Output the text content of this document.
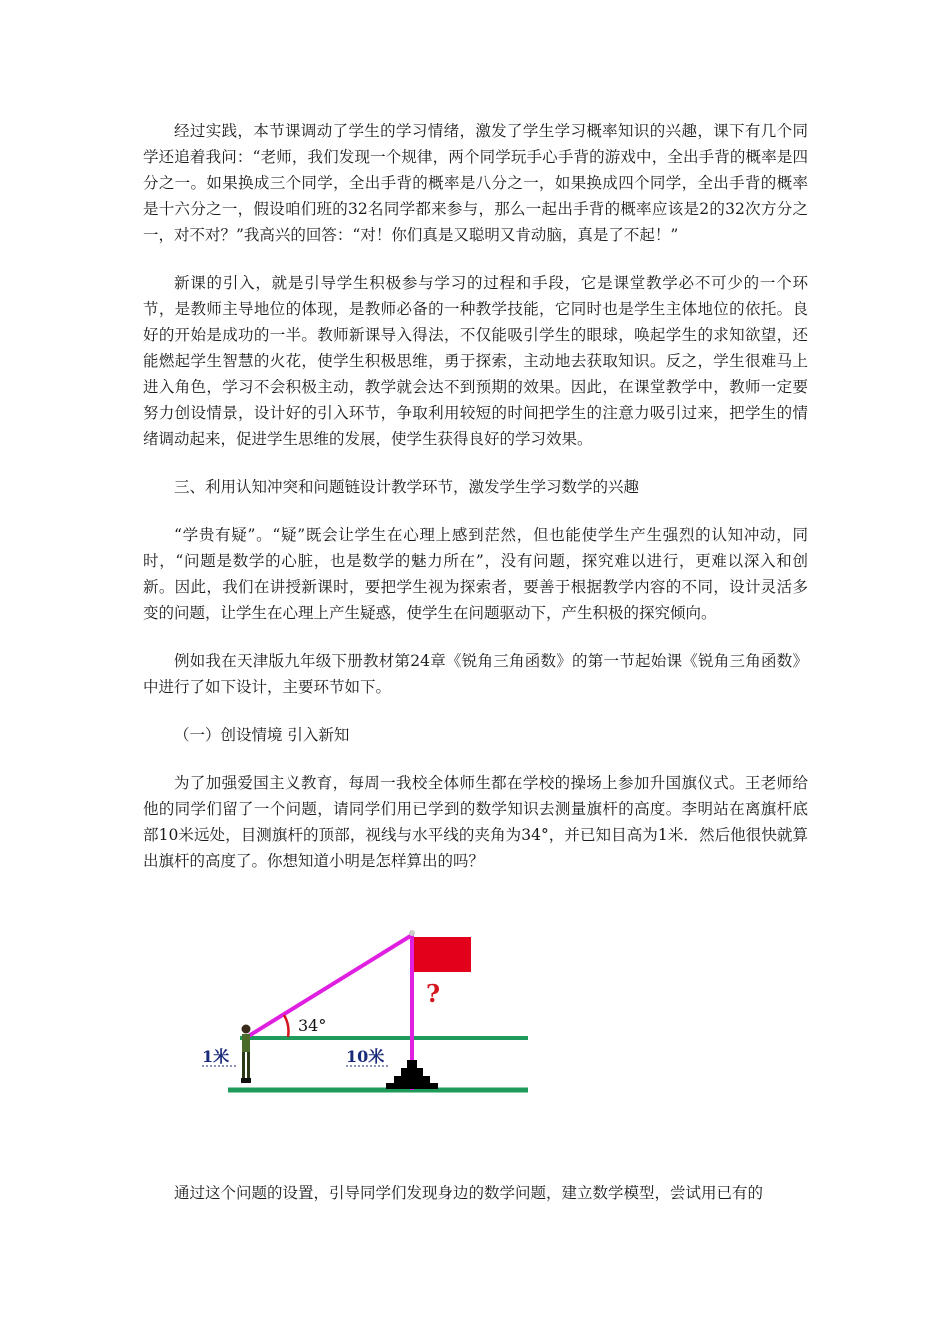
经过实践，本节课调动了学生的学习情绪，激发了学生学习概率知识的兴趣，课下有几个同学还追着我问：“老师，我们发现一个规律，两个同学玩手心手背的游戏中，全出手背的概率是四分之一。如果换成三个同学，全出手背的概率是八分之一，如果换成四个同学，全出手背的概率是十六分之一，假设咱们班的32名同学都来参与，那么一起出手背的概率应该是2的32次方分之一，对不对？”我高兴的回答：“对！你们真是又聪明又肯动脑，真是了不起！”

新课的引入，就是引导学生积极参与学习的过程和手段，它是课堂教学必不可少的一个环节，是教师主导地位的体现，是教师必备的一种教学技能，它同时也是学生主体地位的依托。良好的开始是成功的一半。教师新课导入得法，不仅能吸引学生的眼球，唤起学生的求知欲望，还能燃起学生智慧的火花，使学生积极思维，勇于探索，主动地去获取知识。反之，学生很难马上进入角色，学习不会积极主动，教学就会达不到预期的效果。因此，在课堂教学中，教师一定要努力创设情景，设计好的引入环节，争取利用较短的时间把学生的注意力吸引过来，把学生的情绪调动起来，促进学生思维的发展，使学生获得良好的学习效果。

三、利用认知冲突和问题链设计教学环节，激发学生学习数学的兴趣

“学贵有疑”。“疑”既会让学生在心理上感到茫然，但也能使学生产生强烈的认知冲动，同时，“问题是数学的心脏，也是数学的魅力所在”，没有问题，探究难以进行，更难以深入和创新。因此，我们在讲授新课时，要把学生视为探索者，要善于根据教学内容的不同，设计灵活多变的问题，让学生在心理上产生疑惑，使学生在问题驱动下，产生积极的探究倾向。

例如我在天津版九年级下册教材第24章《锐角三角函数》的第一节起始课《锐角三角函数》中进行了如下设计，主要环节如下。

（一）创设情境 引入新知

为了加强爱国主义教育，每周一我校全体师生都在学校的操场上参加升国旗仪式。王老师给他的同学们留了一个问题，请同学们用已学到的数学知识去测量旗杆的高度。李明站在离旗杆底部10米远处，目测旗杆的顶部，视线与水平线的夹角为34°，并已知目高为1米．然后他很快就算出旗杆的高度了。你想知道小明是怎样算出的吗？

34°
?
1米	10米

通过这个问题的设置，引导同学们发现身边的数学问题，建立数学模型，尝试用已有的
